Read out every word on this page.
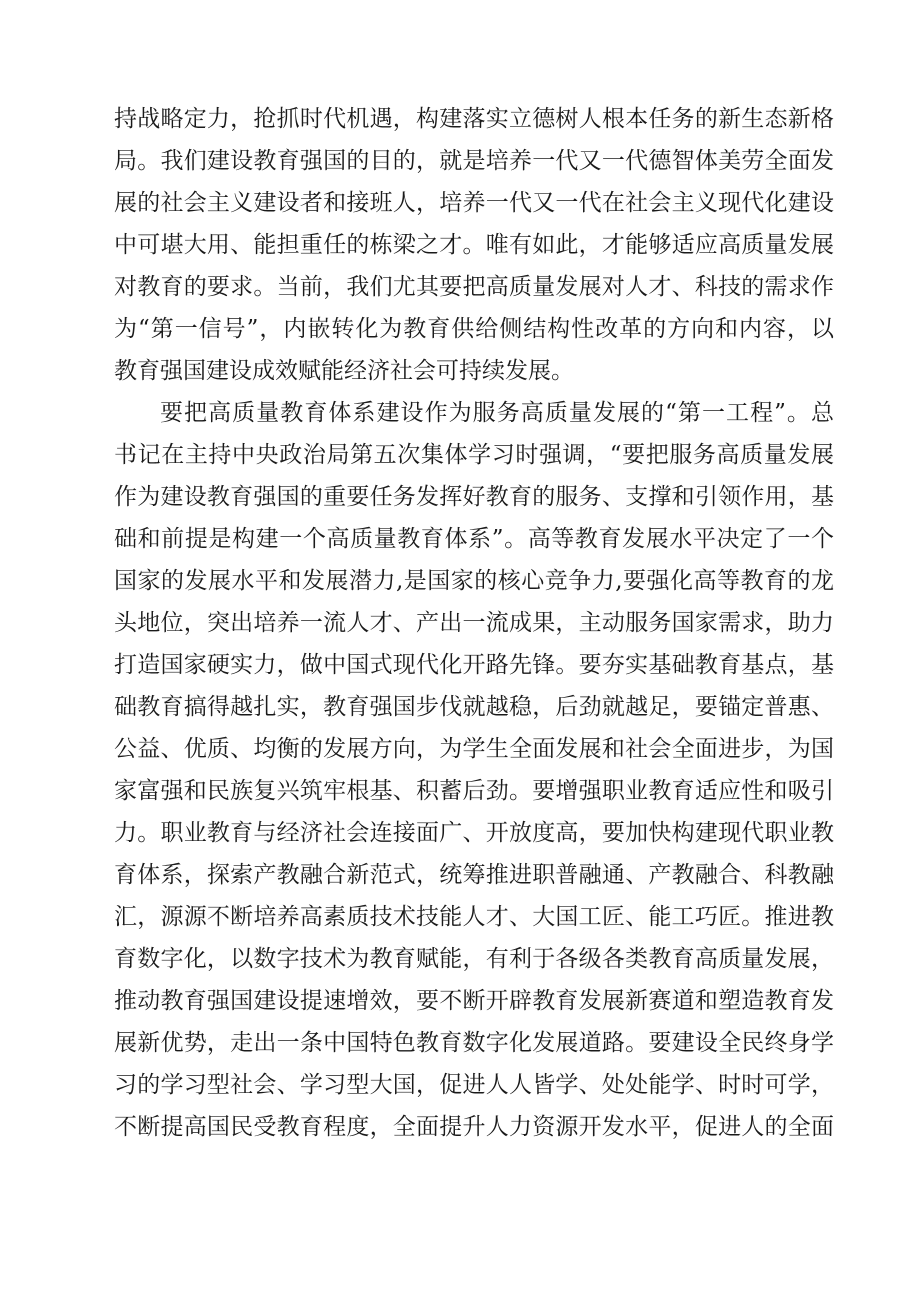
持战略定力，抢抓时代机遇，构建落实立德树人根本任务的新生态新格
局。我们建设教育强国的目的，就是培养一代又一代德智体美劳全面发
展的社会主义建设者和接班人，培养一代又一代在社会主义现代化建设
中可堪大用、能担重任的栋梁之才。唯有如此，才能够适应高质量发展
对教育的要求。当前，我们尤其要把高质量发展对人才、科技的需求作
为“第一信号”，内嵌转化为教育供给侧结构性改革的方向和内容，以
教育强国建设成效赋能经济社会可持续发展。
要把高质量教育体系建设作为服务高质量发展的“第一工程”。总
书记在主持中央政治局第五次集体学习时强调，“要把服务高质量发展
作为建设教育强国的重要任务发挥好教育的服务、支撑和引领作用，基
础和前提是构建一个高质量教育体系”。高等教育发展水平决定了一个
国家的发展水平和发展潜力,是国家的核心竞争力,要强化高等教育的龙
头地位，突出培养一流人才、产出一流成果，主动服务国家需求，助力
打造国家硬实力，做中国式现代化开路先锋。要夯实基础教育基点，基
础教育搞得越扎实，教育强国步伐就越稳，后劲就越足，要锚定普惠、
公益、优质、均衡的发展方向，为学生全面发展和社会全面进步，为国
家富强和民族复兴筑牢根基、积蓄后劲。要增强职业教育适应性和吸引
力。职业教育与经济社会连接面广、开放度高，要加快构建现代职业教
育体系，探索产教融合新范式，统筹推进职普融通、产教融合、科教融
汇，源源不断培养高素质技术技能人才、大国工匠、能工巧匠。推进教
育数字化，以数字技术为教育赋能，有利于各级各类教育高质量发展，
推动教育强国建设提速增效，要不断开辟教育发展新赛道和塑造教育发
展新优势，走出一条中国特色教育数字化发展道路。要建设全民终身学
习的学习型社会、学习型大国，促进人人皆学、处处能学、时时可学，
不断提高国民受教育程度，全面提升人力资源开发水平，促进人的全面
